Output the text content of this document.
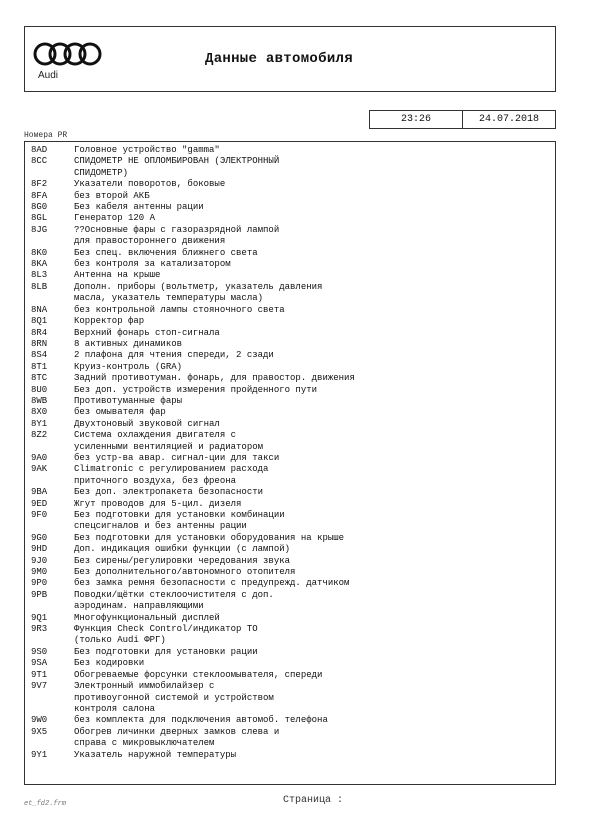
Audi
Данные автомобиля
23:26	24.07.2018
Номера PR
8AD	Головное устройство "gamma"
8CC	СПИДОМЕТР НЕ ОПЛОМБИРОВАН (ЭЛЕКТРОННЫЙ
СПИДОМЕТР)
8F2	Указатели поворотов, боковые
8FA	без второй АКБ
8G0	Без кабеля антенны рации
8GL	Генератор 120 А
8JG	??Основные фары с газоразрядной лампой
для правостороннего движения
8K0	Без спец. включения ближнего света
8KA	без контроля за катализатором
8L3	Антенна на крыше
8LB	Дополн. приборы (вольтметр, указатель давления
масла, указатель температуры масла)
8NA	без контрольной лампы стояночного света
8Q1	Корректор фар
8R4	Верхний фонарь стоп-сигнала
8RN	8 активных динамиков
8S4	2 плафона для чтения спереди, 2 сзади
8T1	Круиз-контроль (GRA)
8TC	Задний противотуман. фонарь, для правостор. движения
8U0	Без доп. устройств измерения пройденного пути
8WB	Противотуманные фары
8X0	без омывателя фар
8Y1	Двухтоновый звуковой сигнал
8Z2	Система охлаждения двигателя с
усиленными вентиляцией и радиатором
9A0	без устр-ва авар. сигнал-ции для такси
9AK	Climatronic с регулированием расхода
приточного воздуха, без фреона
9BA	Без доп. электропакета безопасности
9ED	Жгут проводов для 5-цил. дизеля
9F0	Без подготовки для установки комбинации
спецсигналов и без антенны рации
9G0	Без подготовки для установки оборудования на крыше
9HD	Доп. индикация ошибки функции (с лампой)
9J0	Без сирены/регулировки чередования звука
9M0	Без дополнительного/автономного отопителя
9P0	без замка ремня безопасности с предупрежд. датчиком
9PB	Поводки/щётки стеклоочистителя с доп.
аэродинам. направляющими
9Q1	Многофункциональный дисплей
9R3	Функция Check Control/индикатор ТО
(только Audi ФРГ)
9S0	Без подготовки для установки рации
9SA	Без кодировки
9T1	Обогреваемые форсунки стеклоомывателя, спереди
9V7	Электронный иммобилайзер с
противоугонной системой и устройством
контроля салона
9W0	без комплекта для подключения автомоб. телефона
9X5	Обогрев личинки дверных замков слева и
справа с микровыключателем
9Y1	Указатель наружной температуры
et_fd2.frm	Страница :
